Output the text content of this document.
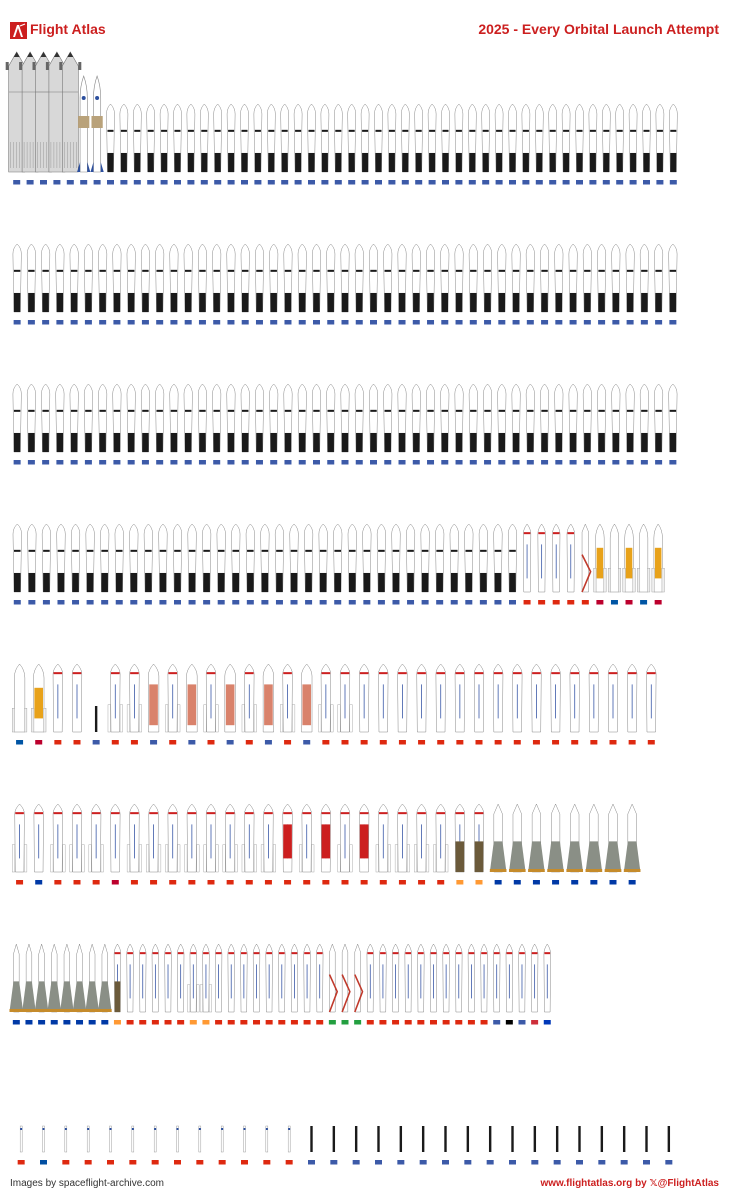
Flight Atlas	2025 - Every Orbital Launch Attempt
Images by spaceflight-archive.com	www.flightatlas.org by 𝕏@FlightAtlas
